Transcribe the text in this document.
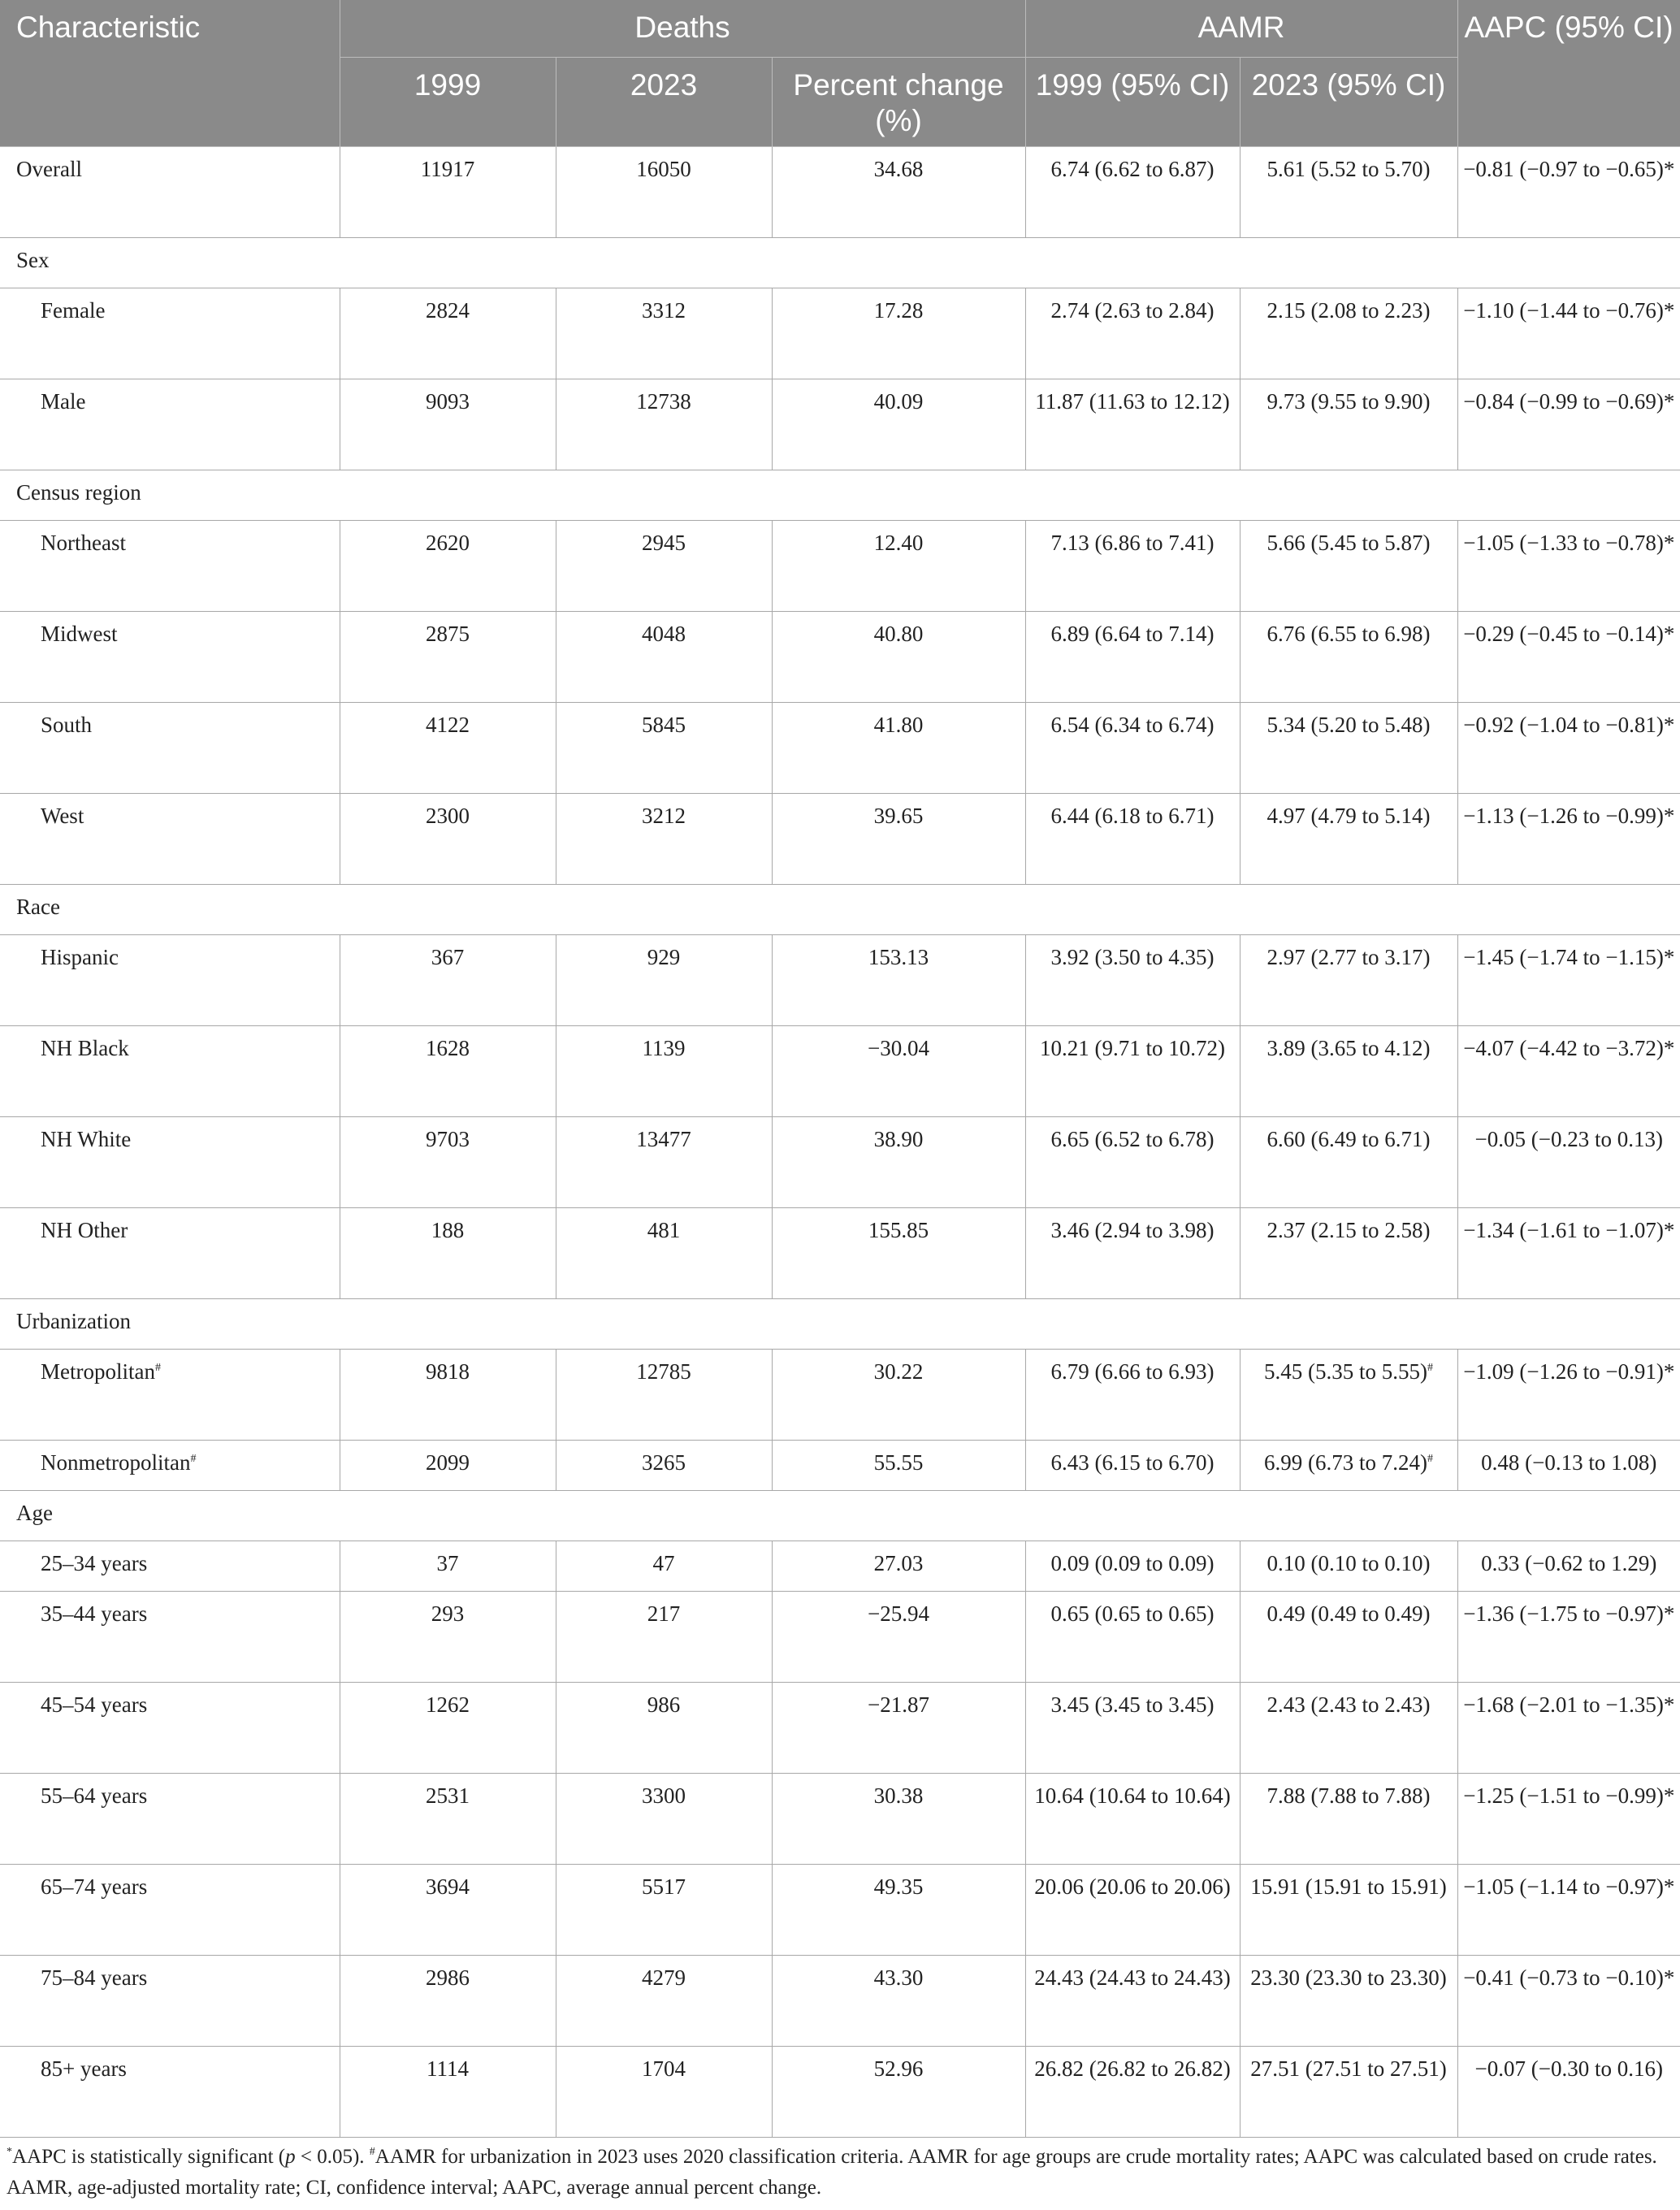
Characteristic	Deaths			AAMR		AAPC (95% CI)
	1999	2023	Percent change (%)	1999 (95% CI)	2023 (95% CI)	
Overall	11917	16050	34.68	6.74 (6.62 to 6.87)	5.61 (5.52 to 5.70)	−0.81 (−0.97 to −0.65)*
Sex						
Female	2824	3312	17.28	2.74 (2.63 to 2.84)	2.15 (2.08 to 2.23)	−1.10 (−1.44 to −0.76)*
Male	9093	12738	40.09	11.87 (11.63 to 12.12)	9.73 (9.55 to 9.90)	−0.84 (−0.99 to −0.69)*
Census region						
Northeast	2620	2945	12.40	7.13 (6.86 to 7.41)	5.66 (5.45 to 5.87)	−1.05 (−1.33 to −0.78)*
Midwest	2875	4048	40.80	6.89 (6.64 to 7.14)	6.76 (6.55 to 6.98)	−0.29 (−0.45 to −0.14)*
South	4122	5845	41.80	6.54 (6.34 to 6.74)	5.34 (5.20 to 5.48)	−0.92 (−1.04 to −0.81)*
West	2300	3212	39.65	6.44 (6.18 to 6.71)	4.97 (4.79 to 5.14)	−1.13 (−1.26 to −0.99)*
Race						
Hispanic	367	929	153.13	3.92 (3.50 to 4.35)	2.97 (2.77 to 3.17)	−1.45 (−1.74 to −1.15)*
NH Black	1628	1139	−30.04	10.21 (9.71 to 10.72)	3.89 (3.65 to 4.12)	−4.07 (−4.42 to −3.72)*
NH White	9703	13477	38.90	6.65 (6.52 to 6.78)	6.60 (6.49 to 6.71)	−0.05 (−0.23 to 0.13)
NH Other	188	481	155.85	3.46 (2.94 to 3.98)	2.37 (2.15 to 2.58)	−1.34 (−1.61 to −1.07)*
Urbanization						
Metropolitan#	9818	12785	30.22	6.79 (6.66 to 6.93)	5.45 (5.35 to 5.55)#	−1.09 (−1.26 to −0.91)*
Nonmetropolitan#	2099	3265	55.55	6.43 (6.15 to 6.70)	6.99 (6.73 to 7.24)#	0.48 (−0.13 to 1.08)
Age						
25–34 years	37	47	27.03	0.09 (0.09 to 0.09)	0.10 (0.10 to 0.10)	0.33 (−0.62 to 1.29)
35–44 years	293	217	−25.94	0.65 (0.65 to 0.65)	0.49 (0.49 to 0.49)	−1.36 (−1.75 to −0.97)*
45–54 years	1262	986	−21.87	3.45 (3.45 to 3.45)	2.43 (2.43 to 2.43)	−1.68 (−2.01 to −1.35)*
55–64 years	2531	3300	30.38	10.64 (10.64 to 10.64)	7.88 (7.88 to 7.88)	−1.25 (−1.51 to −0.99)*
65–74 years	3694	5517	49.35	20.06 (20.06 to 20.06)	15.91 (15.91 to 15.91)	−1.05 (−1.14 to −0.97)*
75–84 years	2986	4279	43.30	24.43 (24.43 to 24.43)	23.30 (23.30 to 23.30)	−0.41 (−0.73 to −0.10)*
85+ years	1114	1704	52.96	26.82 (26.82 to 26.82)	27.51 (27.51 to 27.51)	−0.07 (−0.30 to 0.16)
*AAPC is statistically significant (p < 0.05). #AAMR for urbanization in 2023 uses 2020 classification criteria. AAMR for age groups are crude mortality rates; AAPC was calculated based on crude rates. AAMR, age-adjusted mortality rate; CI, confidence interval; AAPC, average annual percent change.
